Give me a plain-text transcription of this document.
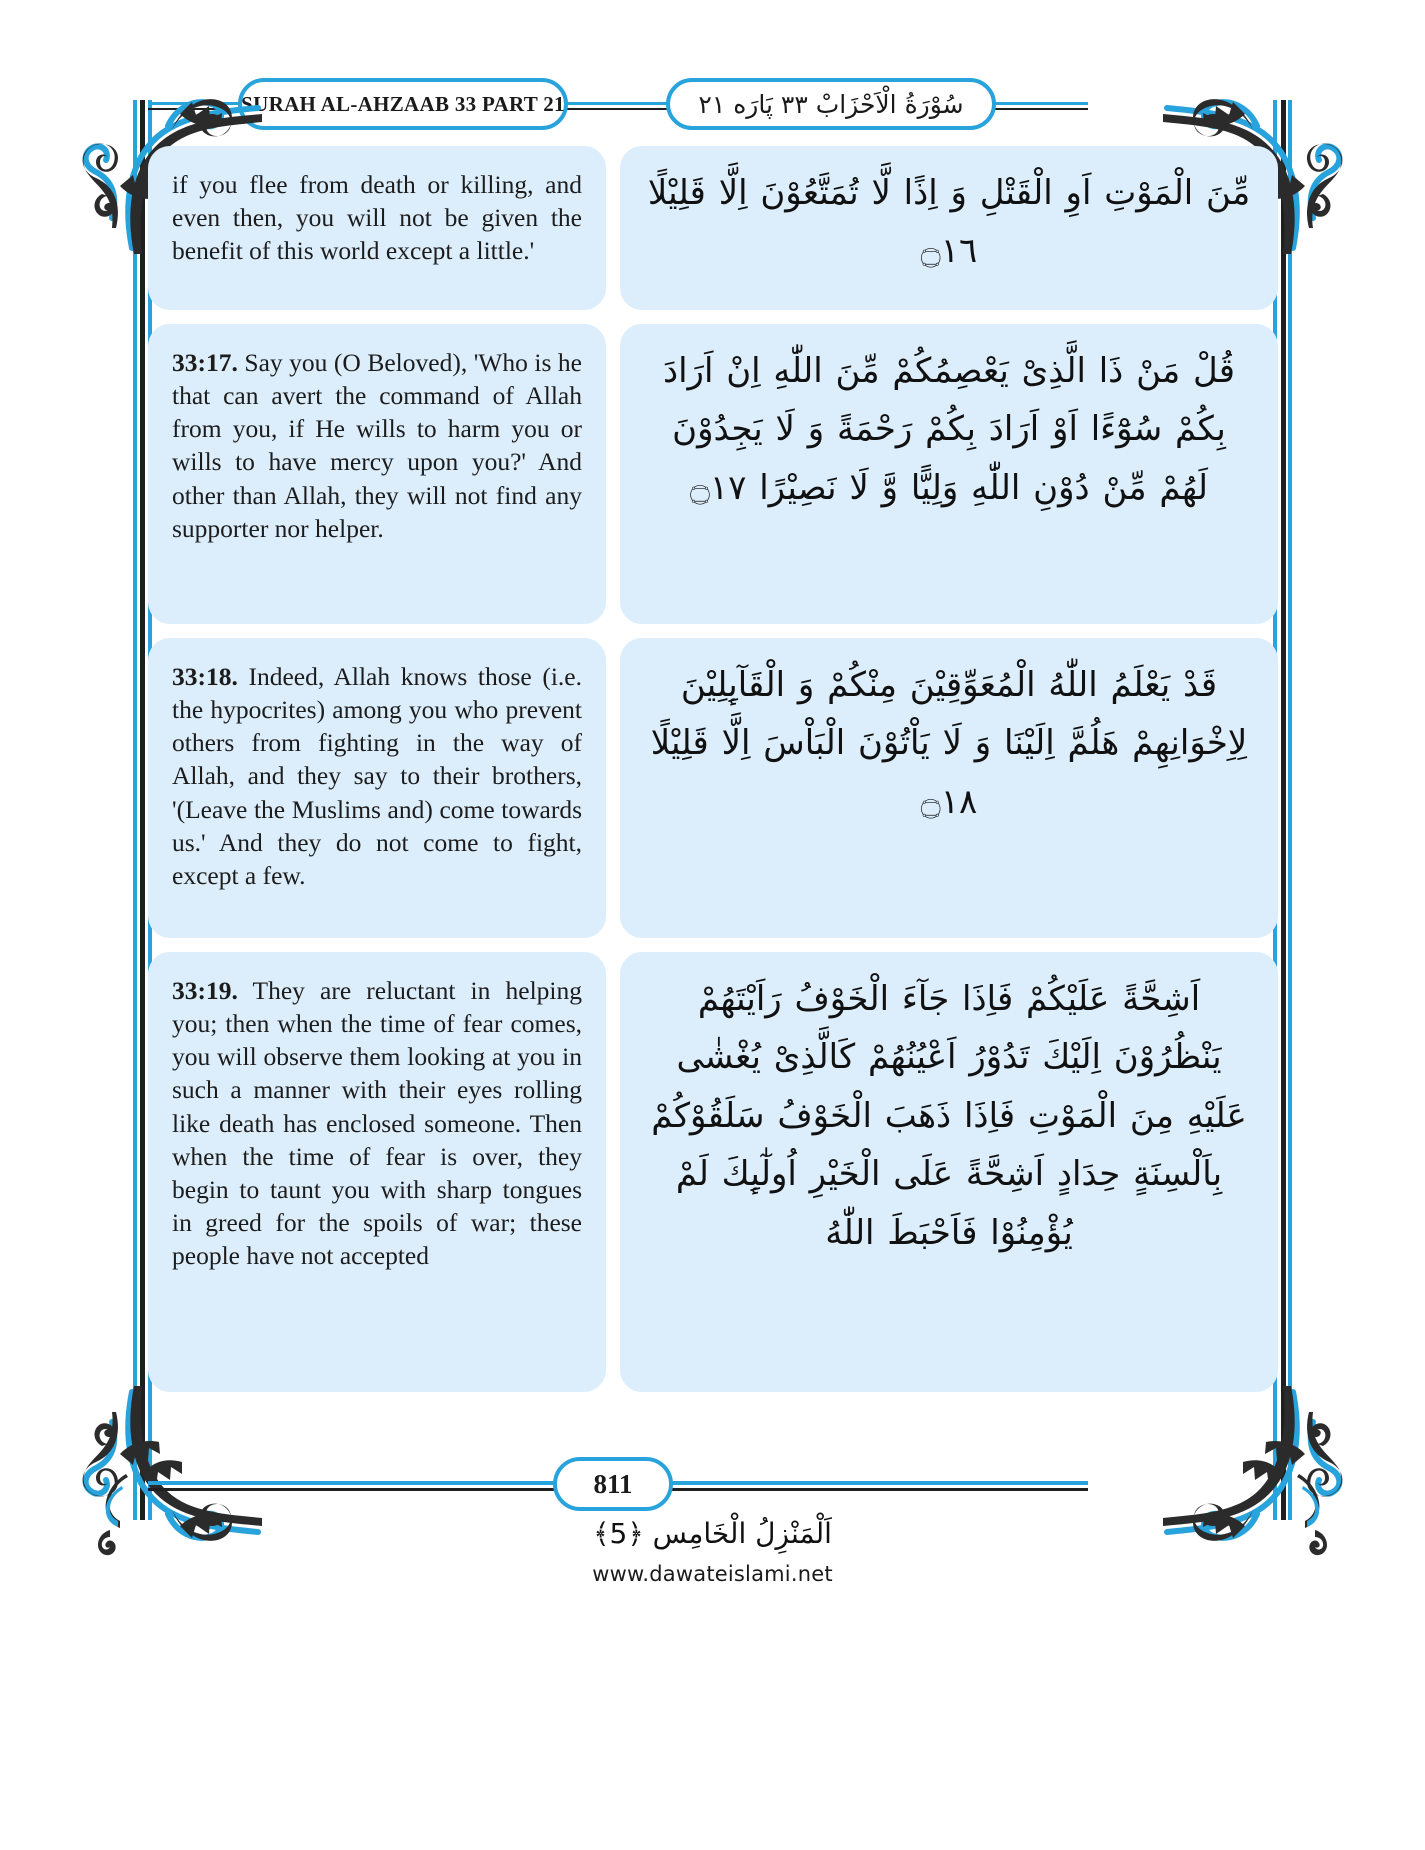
SURAH AL-AHZAAB 33 PART 21	سُوْرَةُ الْاَحْزَابْ ٣٣ پَارَه ٢١

if you flee from death or killing, and even then, you will not be given the benefit of this world except a little.'

مِّنَ الْمَوْتِ اَوِ الْقَتْلِ وَ اِذًا لَّا تُمَتَّعُوْنَ اِلَّا قَلِیْلًا ۝١٦

33:17. Say you (O Beloved), 'Who is he that can avert the command of Allah from you, if He wills to harm you or wills to have mercy upon you?' And other than Allah, they will not find any supporter nor helper.

قُلْ مَنْ ذَا الَّذِیْ یَعْصِمُكُمْ مِّنَ اللّٰهِ اِنْ اَرَادَ بِكُمْ سُوْٓءًا اَوْ اَرَادَ بِكُمْ رَحْمَةً وَ لَا یَجِدُوْنَ لَهُمْ مِّنْ دُوْنِ اللّٰهِ وَلِیًّا وَّ لَا نَصِیْرًا ۝١٧

33:18. Indeed, Allah knows those (i.e. the hypocrites) among you who prevent others from fighting in the way of Allah, and they say to their brothers, '(Leave the Muslims and) come towards us.' And they do not come to fight, except a few.

قَدْ یَعْلَمُ اللّٰهُ الْمُعَوِّقِیْنَ مِنْكُمْ وَ الْقَآىِٕلِیْنَ لِاِخْوَانِهِمْ هَلُمَّ اِلَیْنَا وَ لَا یَاْتُوْنَ الْبَاْسَ اِلَّا قَلِیْلًا ۝١٨

33:19. They are reluctant in helping you; then when the time of fear comes, you will observe them looking at you in such a manner with their eyes rolling like death has enclosed someone. Then when the time of fear is over, they begin to taunt you with sharp tongues in greed for the spoils of war; these people have not accepted

اَشِحَّةً عَلَیْكُمْ فَاِذَا جَآءَ الْخَوْفُ رَاَیْتَهُمْ یَنْظُرُوْنَ اِلَیْكَ تَدُوْرُ اَعْیُنُهُمْ كَالَّذِیْ یُغْشٰى عَلَیْهِ مِنَ الْمَوْتِ فَاِذَا ذَهَبَ الْخَوْفُ سَلَقُوْكُمْ بِاَلْسِنَةٍ حِدَادٍ اَشِحَّةً عَلَى الْخَیْرِ اُولٰٓىِٕكَ لَمْ یُؤْمِنُوْا فَاَحْبَطَ اللّٰهُ

811
اَلْمَنْزِلُ الْخَامِس ﴿5﴾
www.dawateislami.net
